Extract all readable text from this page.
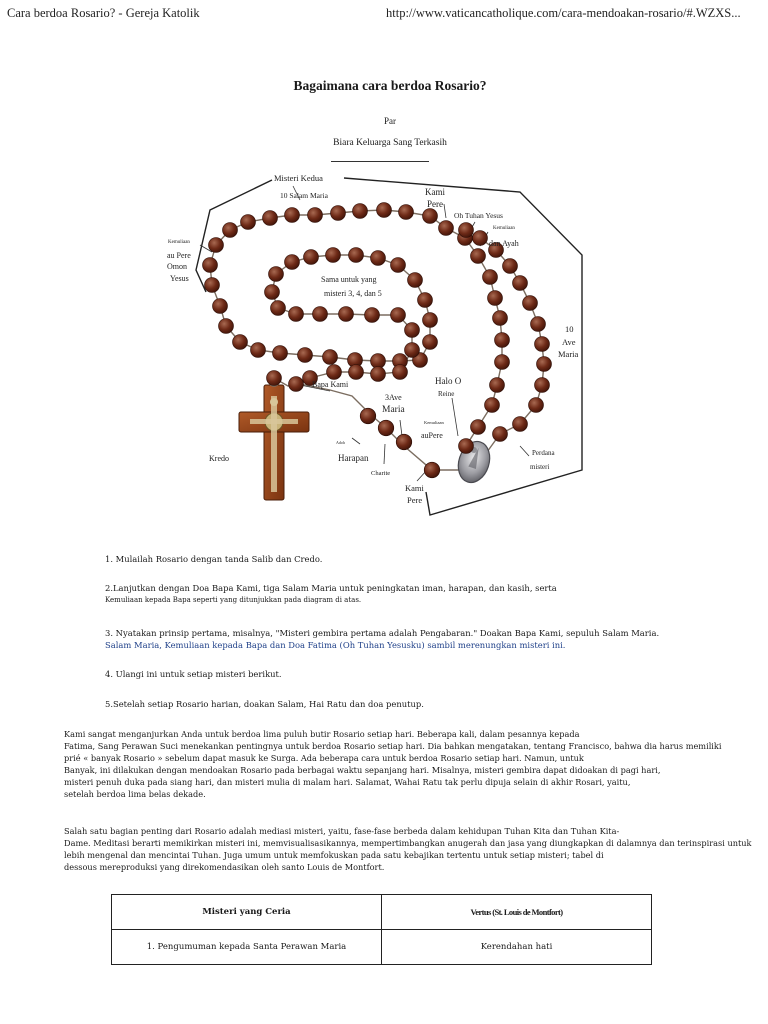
Cara berdoa Rosario? - Gereja Katolik	http://www.vaticancatholique.com/cara-mendoakan-rosario/#.WZXS...
Bagaimana cara berdoa Rosario?
Par
Biara Keluarga Sang Terkasih
Misteri Kedua
10 Salam Maria	Kami
Pere
Oh Tuhan Yesus
Kemuliaan
dan Ayah
Kemuliaan
au Pere
Omon
Yesus	Sama untuk yang
misteri 3, 4, dan 5
10
Ave
Maria
Bapa Kami	Halo O
Reine
3Ave
Maria
Kemuliaan
auPere
Adoh
Harapan
Charite
Kredo
Kami
Pere
Perdana
misteri
1. Mulailah Rosario dengan tanda Salib dan Credo.
2.Lanjutkan dengan Doa Bapa Kami, tiga Salam Maria untuk peningkatan iman, harapan, dan kasih, serta
Kemuliaan kepada Bapa seperti yang ditunjukkan pada diagram di atas.
3. Nyatakan prinsip pertama, misalnya, "Misteri gembira pertama adalah Pengabaran." Doakan Bapa Kami, sepuluh Salam Maria.
Salam Maria, Kemuliaan kepada Bapa dan Doa Fatima (Oh Tuhan Yesusku) sambil merenungkan misteri ini.
4. Ulangi ini untuk setiap misteri berikut.
5.Setelah setiap Rosario harian, doakan Salam, Hai Ratu dan doa penutup.
Kami sangat menganjurkan Anda untuk berdoa lima puluh butir Rosario setiap hari. Beberapa kali, dalam pesannya kepada
Fatima, Sang Perawan Suci menekankan pentingnya untuk berdoa Rosario setiap hari. Dia bahkan mengatakan, tentang Francisco, bahwa dia harus memiliki
prié « banyak Rosario » sebelum dapat masuk ke Surga. Ada beberapa cara untuk berdoa Rosario setiap hari. Namun, untuk
Banyak, ini dilakukan dengan mendoakan Rosario pada berbagai waktu sepanjang hari. Misalnya, misteri gembira dapat didoakan di pagi hari,
misteri penuh duka pada siang hari, dan misteri mulia di malam hari. Salamat, Wahai Ratu tak perlu dipuja selain di akhir Rosari, yaitu,
setelah berdoa lima belas dekade.
Salah satu bagian penting dari Rosario adalah mediasi misteri, yaitu, fase-fase berbeda dalam kehidupan Tuhan Kita dan Tuhan Kita-
Dame. Meditasi berarti memikirkan misteri ini, memvisualisasikannya, mempertimbangkan anugerah dan jasa yang diungkapkan di dalamnya dan terinspirasi untuk
lebih mengenal dan mencintai Tuhan. Juga umum untuk memfokuskan pada satu kebajikan tertentu untuk setiap misteri; tabel di
dessous mereproduksi yang direkomendasikan oleh santo Louis de Montfort.
Misteri yang Ceria	Vertus (St. Louis de Montfort)
1. Pengumuman kepada Santa Perawan Maria	Kerendahan hati
